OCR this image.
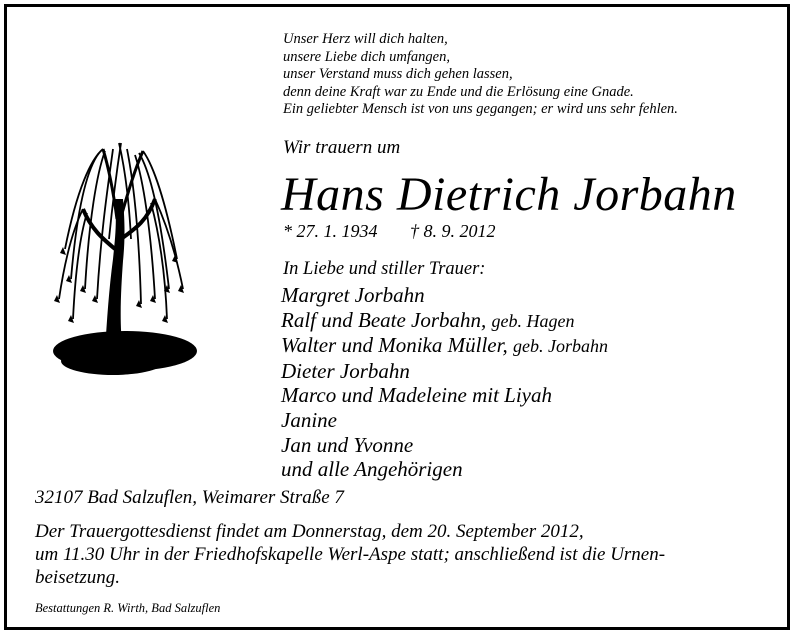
Unser Herz will dich halten,
unsere Liebe dich umfangen,
unser Verstand muss dich gehen lassen,
denn deine Kraft war zu Ende und die Erlösung eine Gnade.
Ein geliebter Mensch ist von uns gegangen; er wird uns sehr fehlen.
Wir trauern um
Hans Dietrich Jorbahn
* 27. 1. 1934 † 8. 9. 2012
In Liebe und stiller Trauer:
Margret Jorbahn
Ralf und Beate Jorbahn, geb. Hagen
Walter und Monika Müller, geb. Jorbahn
Dieter Jorbahn
Marco und Madeleine mit Liyah
Janine
Jan und Yvonne
und alle Angehörigen
32107 Bad Salzuflen, Weimarer Straße 7
Der Trauergottesdienst findet am Donnerstag, dem 20. September 2012,
um 11.30 Uhr in der Friedhofskapelle Werl-Aspe statt; anschließend ist die Urnen-
beisetzung.
Bestattungen R. Wirth, Bad Salzuflen
